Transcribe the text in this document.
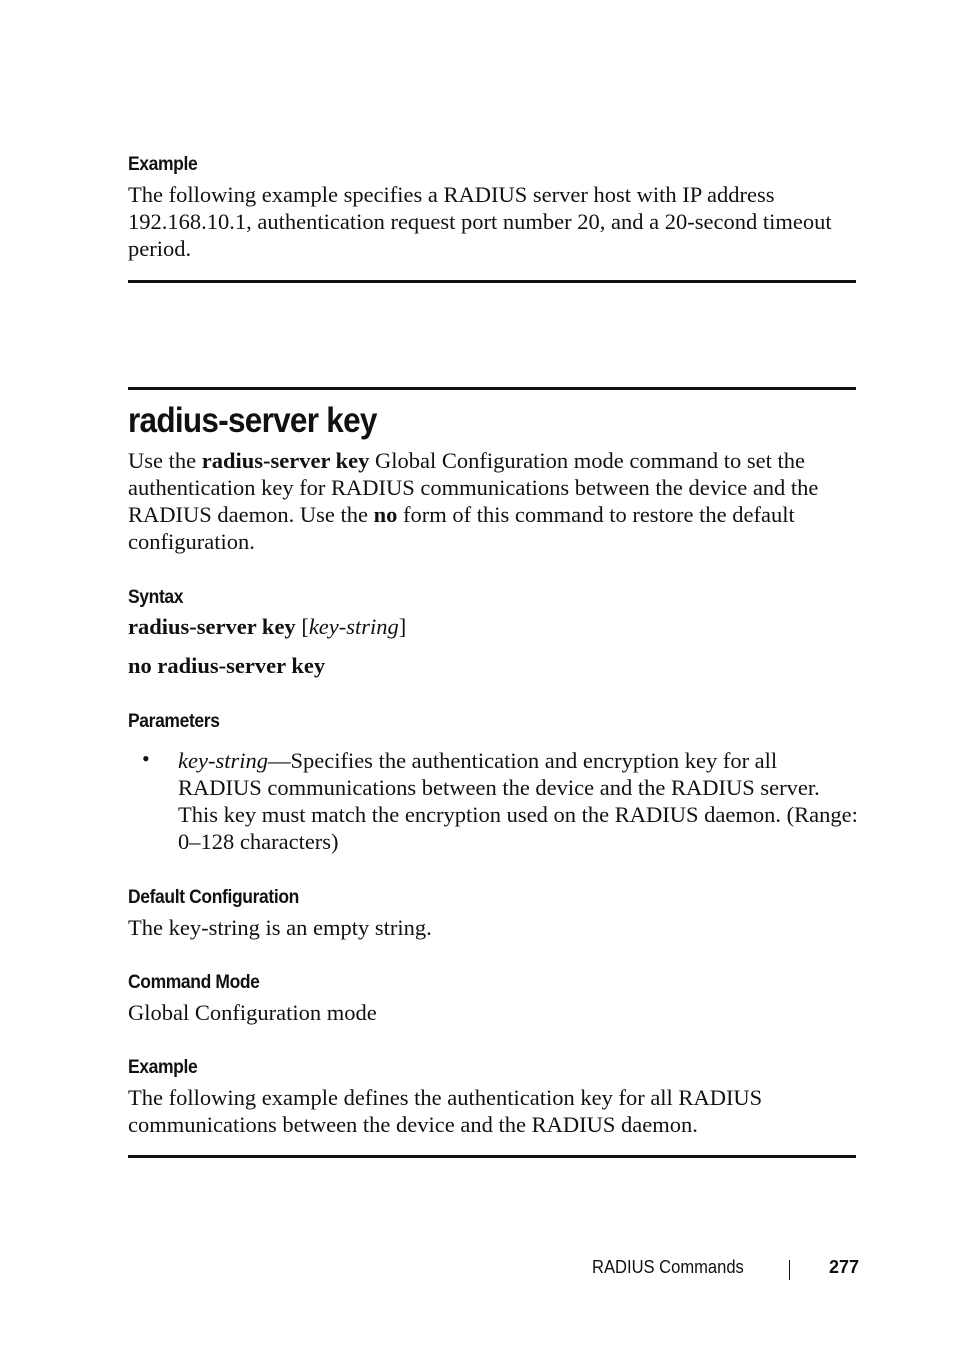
Example
The following example specifies a RADIUS server host with IP address 192.168.10.1, authentication request port number 20, and a 20-second timeout period.
radius-server key
Use the radius-server key Global Configuration mode command to set the authentication key for RADIUS communications between the device and the RADIUS daemon. Use the no form of this command to restore the default configuration.
Syntax
radius-server key [key-string]
no radius-server key
Parameters
• key-string—Specifies the authentication and encryption key for all RADIUS communications between the device and the RADIUS server. This key must match the encryption used on the RADIUS daemon. (Range: 0–128 characters)
Default Configuration
The key-string is an empty string.
Command Mode
Global Configuration mode
Example
The following example defines the authentication key for all RADIUS communications between the device and the RADIUS daemon.
RADIUS Commands	277
